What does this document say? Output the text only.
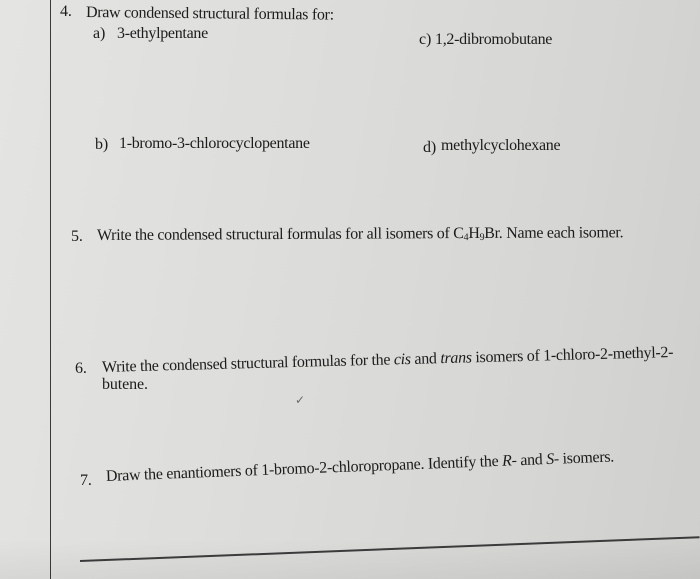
4. Draw condensed structural formulas for:
a) 3-ethylpentane	c) 1,2-dibromobutane
b) 1-bromo-3-chlorocyclopentane	d) methylcyclohexane
5. Write the condensed structural formulas for all isomers of $C_4H_9Br$. Name each isomer.
6. Write the condensed structural formulas for the cis and trans isomers of 1-chloro-2-methyl-2-
butene.
✓
7. Draw the enantiomers of 1-bromo-2-chloropropane. Identify the R- and S- isomers.
